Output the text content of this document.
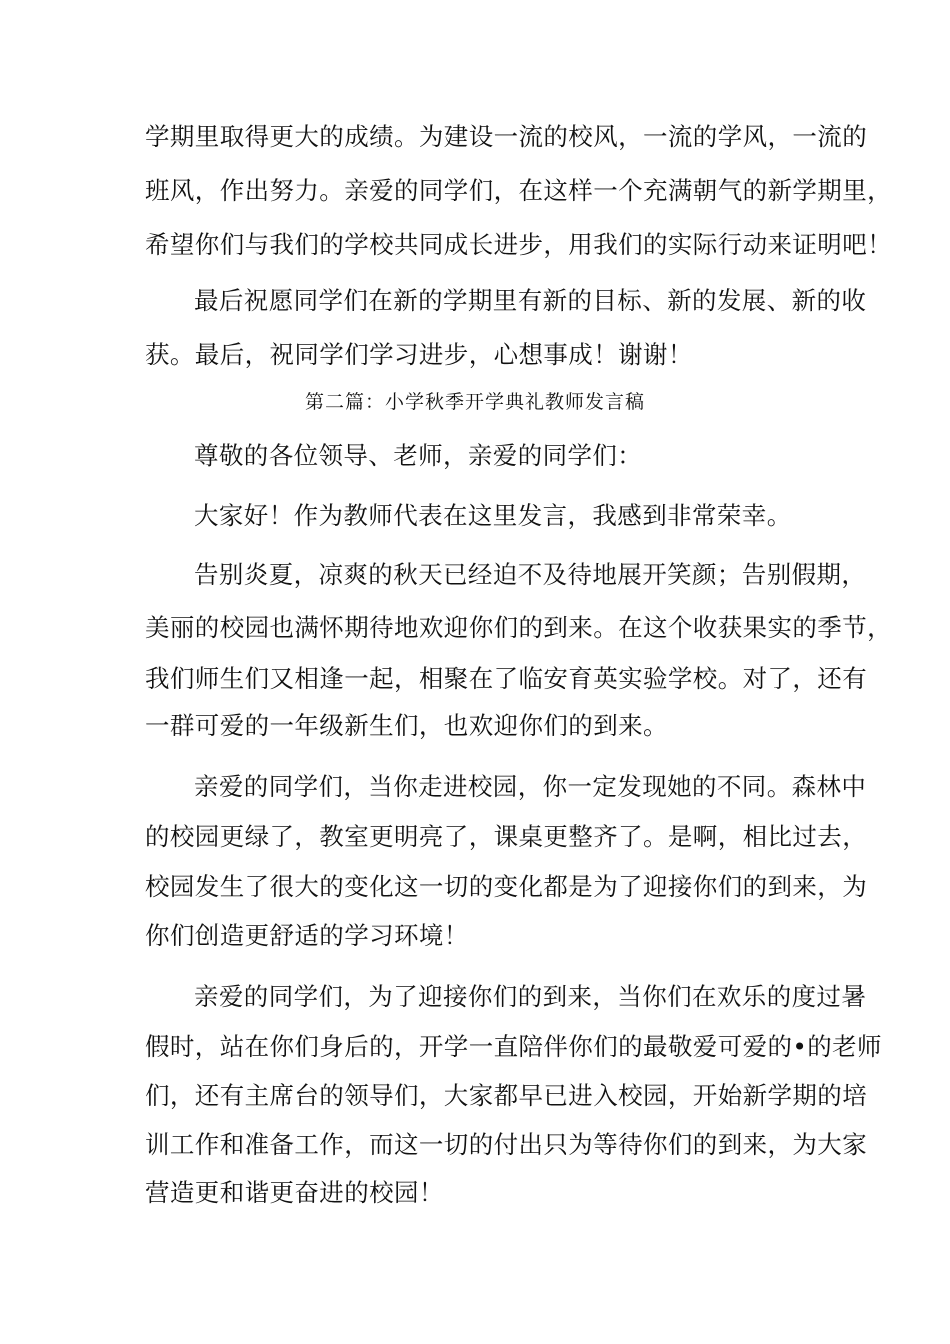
学期里取得更大的成绩。为建设一流的校风，一流的学风，一流的
班风，作出努力。亲爱的同学们，在这样一个充满朝气的新学期里，
希望你们与我们的学校共同成长进步，用我们的实际行动来证明吧！
最后祝愿同学们在新的学期里有新的目标、新的发展、新的收
获。最后，祝同学们学习进步，心想事成！谢谢！
第二篇：小学秋季开学典礼教师发言稿
尊敬的各位领导、老师，亲爱的同学们：
大家好！作为教师代表在这里发言，我感到非常荣幸。
告别炎夏，凉爽的秋天已经迫不及待地展开笑颜；告别假期，
美丽的校园也满怀期待地欢迎你们的到来。在这个收获果实的季节，
我们师生们又相逢一起，相聚在了临安育英实验学校。对了，还有
一群可爱的一年级新生们，也欢迎你们的到来。
亲爱的同学们，当你走进校园，你一定发现她的不同。森林中
的校园更绿了，教室更明亮了，课桌更整齐了。是啊，相比过去，
校园发生了很大的变化这一切的变化都是为了迎接你们的到来，为
你们创造更舒适的学习环境！
亲爱的同学们，为了迎接你们的到来，当你们在欢乐的度过暑
假时，站在你们身后的，开学一直陪伴你们的最敬爱可爱的•的老师
们，还有主席台的领导们，大家都早已进入校园，开始新学期的培
训工作和准备工作，而这一切的付出只为等待你们的到来，为大家
营造更和谐更奋进的校园！
